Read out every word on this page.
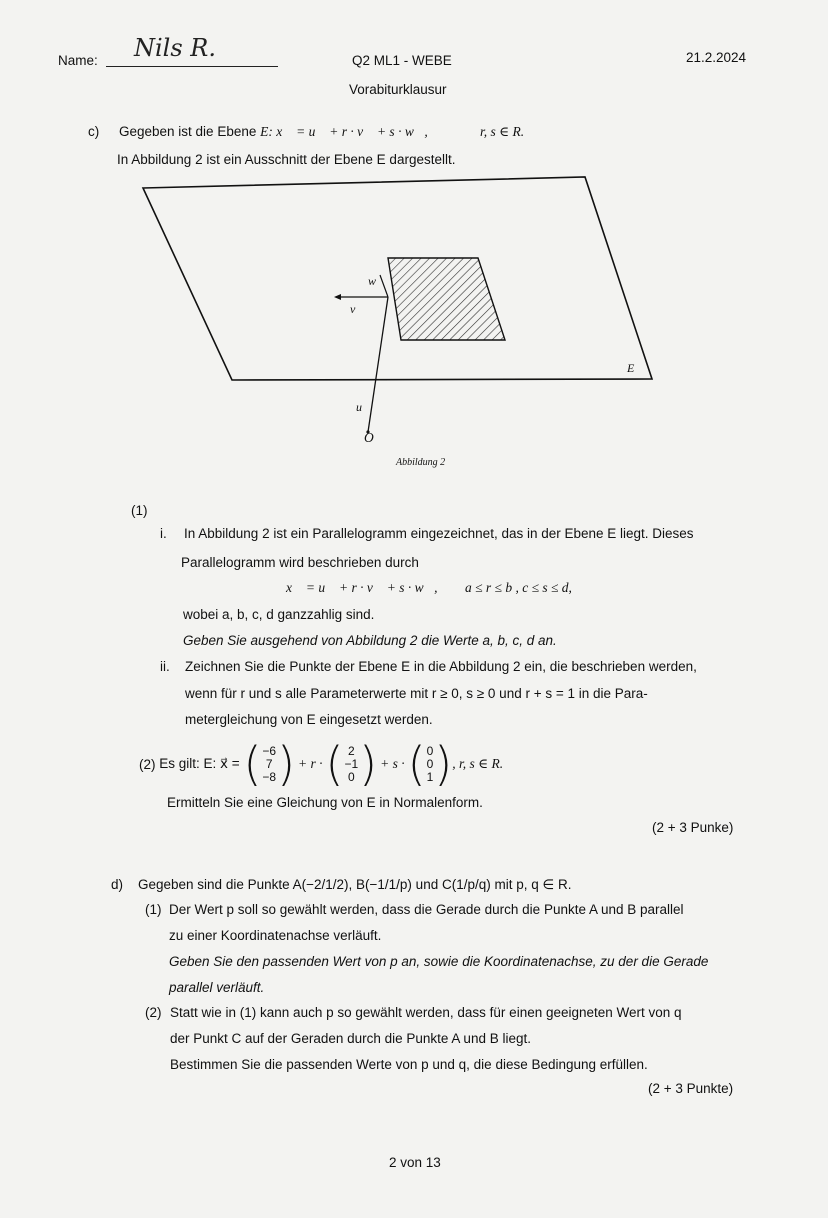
Name: Nils R.	Q2 ML1 - WEBE	21.2.2024
Vorabiturklausur
c) Gegeben ist die Ebene E: x⃗ = u⃗ + r · v⃗ + s · w⃗,	r, s ∈ R.
In Abbildung 2 ist ein Ausschnitt der Ebene E dargestellt.
w⃗
v⃗
u⃗
O
E
Abbildung 2
(1)
i. In Abbildung 2 ist ein Parallelogramm eingezeichnet, das in der Ebene E liegt. Dieses
Parallelogramm wird beschrieben durch
x⃗ = u⃗ + r · v⃗ + s · w⃗, a ≤ r ≤ b , c ≤ s ≤ d,
wobei a, b, c, d ganzzahlig sind.
Geben Sie ausgehend von Abbildung 2 die Werte a, b, c, d an.
ii. Zeichnen Sie die Punkte der Ebene E in die Abbildung 2 ein, die beschrieben werden,
wenn für r und s alle Parameterwerte mit r ≥ 0, s ≥ 0 und r + s = 1 in die Para-
metergleichung von E eingesetzt werden.
(2)
Es gilt: E: x⃗ =
( −6
7
−8 ) + r · ( 2
−1
0 ) + s · ( 0
0
1 ) , r, s ∈ R.
Ermitteln Sie eine Gleichung von E in Normalenform.
(2 + 3 Punke)
d) Gegeben sind die Punkte A(−2/1/2), B(−1/1/p) und C(1/p/q) mit p, q ∈ R.
(1) Der Wert p soll so gewählt werden, dass die Gerade durch die Punkte A und B parallel
zu einer Koordinatenachse verläuft.
Geben Sie den passenden Wert von p an, sowie die Koordinatenachse, zu der die Gerade
parallel verläuft.
(2) Statt wie in (1) kann auch p so gewählt werden, dass für einen geeigneten Wert von q
der Punkt C auf der Geraden durch die Punkte A und B liegt.
Bestimmen Sie die passenden Werte von p und q, die diese Bedingung erfüllen.
(2 + 3 Punkte)
2 von 13
